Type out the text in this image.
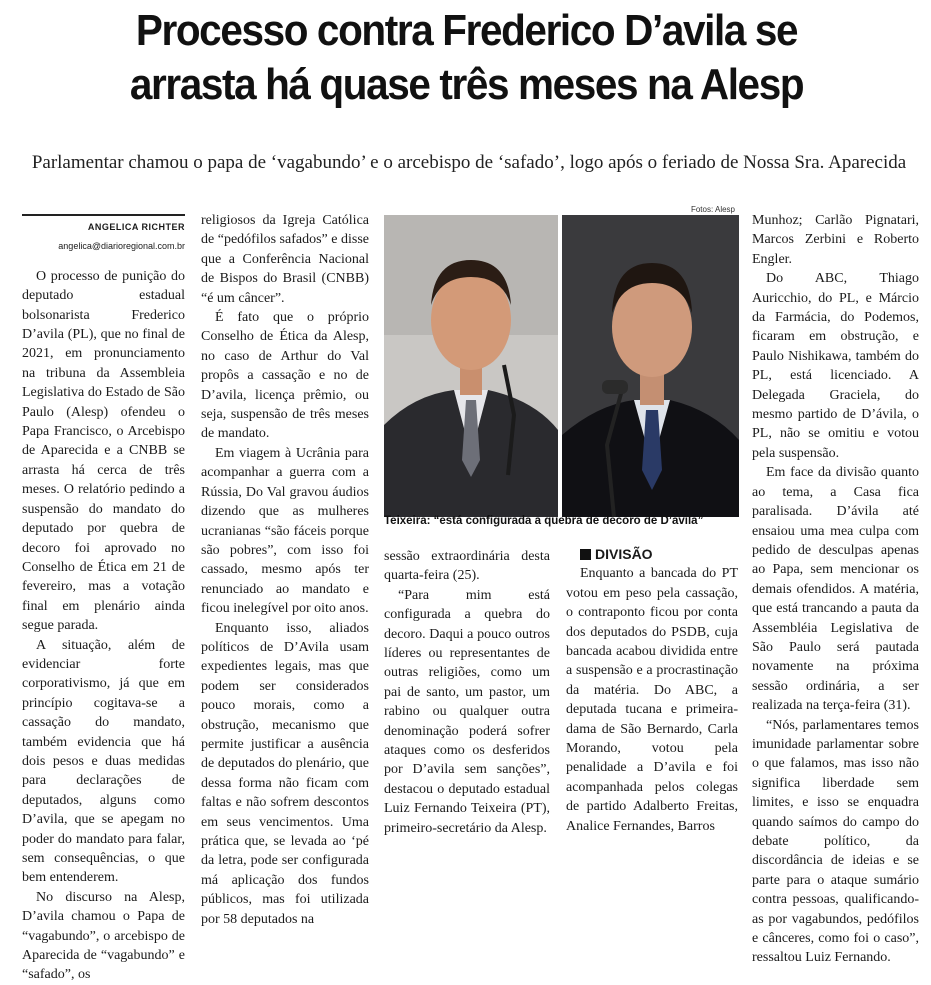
Processo contra Frederico D’avila se
arrasta há quase três meses na Alesp

Parlamentar chamou o papa de ‘vagabundo’ e o arcebispo de ‘safado’, logo após o feriado de Nossa Sra. Aparecida

ANGELICA RICHTER
angelica@diarioregional.com.br

O processo de punição do deputado estadual bolsonarista Frederico D’avila (PL), que no final de 2021, em pronunciamento na tribuna da Assembleia Legislativa do Estado de São Paulo (Alesp) ofendeu o Papa Francisco, o Arcebispo de Aparecida e a CNBB se arrasta há cerca de três meses. O relatório pedindo a suspensão do mandato do deputado por quebra de decoro foi aprovado no Conselho de Ética em 21 de fevereiro, mas a votação final em plenário ainda segue parada.

A situação, além de evidenciar forte corporativismo, já que em princípio cogitava-se a cassação do mandato, também evidencia que há dois pesos e duas medidas para declarações de deputados, alguns como D’avila, que se apegam no poder do mandato para falar, sem consequências, o que bem entenderem.

No discurso na Alesp, D’avila chamou o Papa de “vagabundo”, o arcebispo de Aparecida de “vagabundo” e “safado”, os

religiosos da Igreja Católica de “pedófilos safados” e disse que a Conferência Nacional de Bispos do Brasil (CNBB) “é um câncer”.

É fato que o próprio Conselho de Ética da Alesp, no caso de Arthur do Val propôs a cassação e no de D’avila, licença prêmio, ou seja, suspensão de três meses de mandato.

Em viagem à Ucrânia para acompanhar a guerra com a Rússia, Do Val gravou áudios dizendo que as mulheres ucranianas “são fáceis porque são pobres”, com isso foi cassado, mesmo após ter renunciado ao mandato e ficou inelegível por oito anos.

Enquanto isso, aliados políticos de D’Avila usam expedientes legais, mas que podem ser considerados pouco morais, como a obstrução, mecanismo que permite justificar a ausência de deputados do plenário, que dessa forma não ficam com faltas e não sofrem descontos em seus vencimentos. Uma prática que, se levada ao ‘pé da letra, pode ser configurada má aplicação dos fundos públicos, mas foi utilizada por 58 deputados na

Fotos: Alesp
Teixeira: “está configurada a quebra de decoro de D’avila”

sessão extraordinária desta quarta-feira (25).

“Para mim está configurada a quebra do decoro. Daqui a pouco outros líderes ou representantes de outras religiões, como um pai de santo, um pastor, um rabino ou qualquer outra denominação poderá sofrer ataques como os desferidos por D’avila sem sanções”, destacou o deputado estadual Luiz Fernando Teixeira (PT), primeiro-secretário da Alesp.

DIVISÃO

Enquanto a bancada do PT votou em peso pela cassação, o contraponto ficou por conta dos deputados do PSDB, cuja bancada acabou dividida entre a suspensão e a procrastinação da matéria. Do ABC, a deputada tucana e primeira-dama de São Bernardo, Carla Morando, votou pela penalidade a D’avila e foi acompanhada pelos colegas de partido Adalberto Freitas, Analice Fernandes, Barros

Munhoz; Carlão Pignatari, Marcos Zerbini e Roberto Engler.

Do ABC, Thiago Auricchio, do PL, e Márcio da Farmácia, do Podemos, ficaram em obstrução, e Paulo Nishikawa, também do PL, está licenciado. A Delegada Graciela, do mesmo partido de D’ávila, o PL, não se omitiu e votou pela suspensão.

Em face da divisão quanto ao tema, a Casa fica paralisada. D’ávila até ensaiou uma mea culpa com pedido de desculpas apenas ao Papa, sem mencionar os demais ofendidos. A matéria, que está trancando a pauta da Assembléia Legislativa de São Paulo será pautada novamente na próxima sessão ordinária, a ser realizada na terça-feira (31).

“Nós, parlamentares temos imunidade parlamentar sobre o que falamos, mas isso não significa liberdade sem limites, e isso se enquadra quando saímos do campo do debate político, da discordância de ideias e se parte para o ataque sumário contra pessoas, qualificando-as por vagabundos, pedófilos e cânceres, como foi o caso”, ressaltou Luiz Fernando.
